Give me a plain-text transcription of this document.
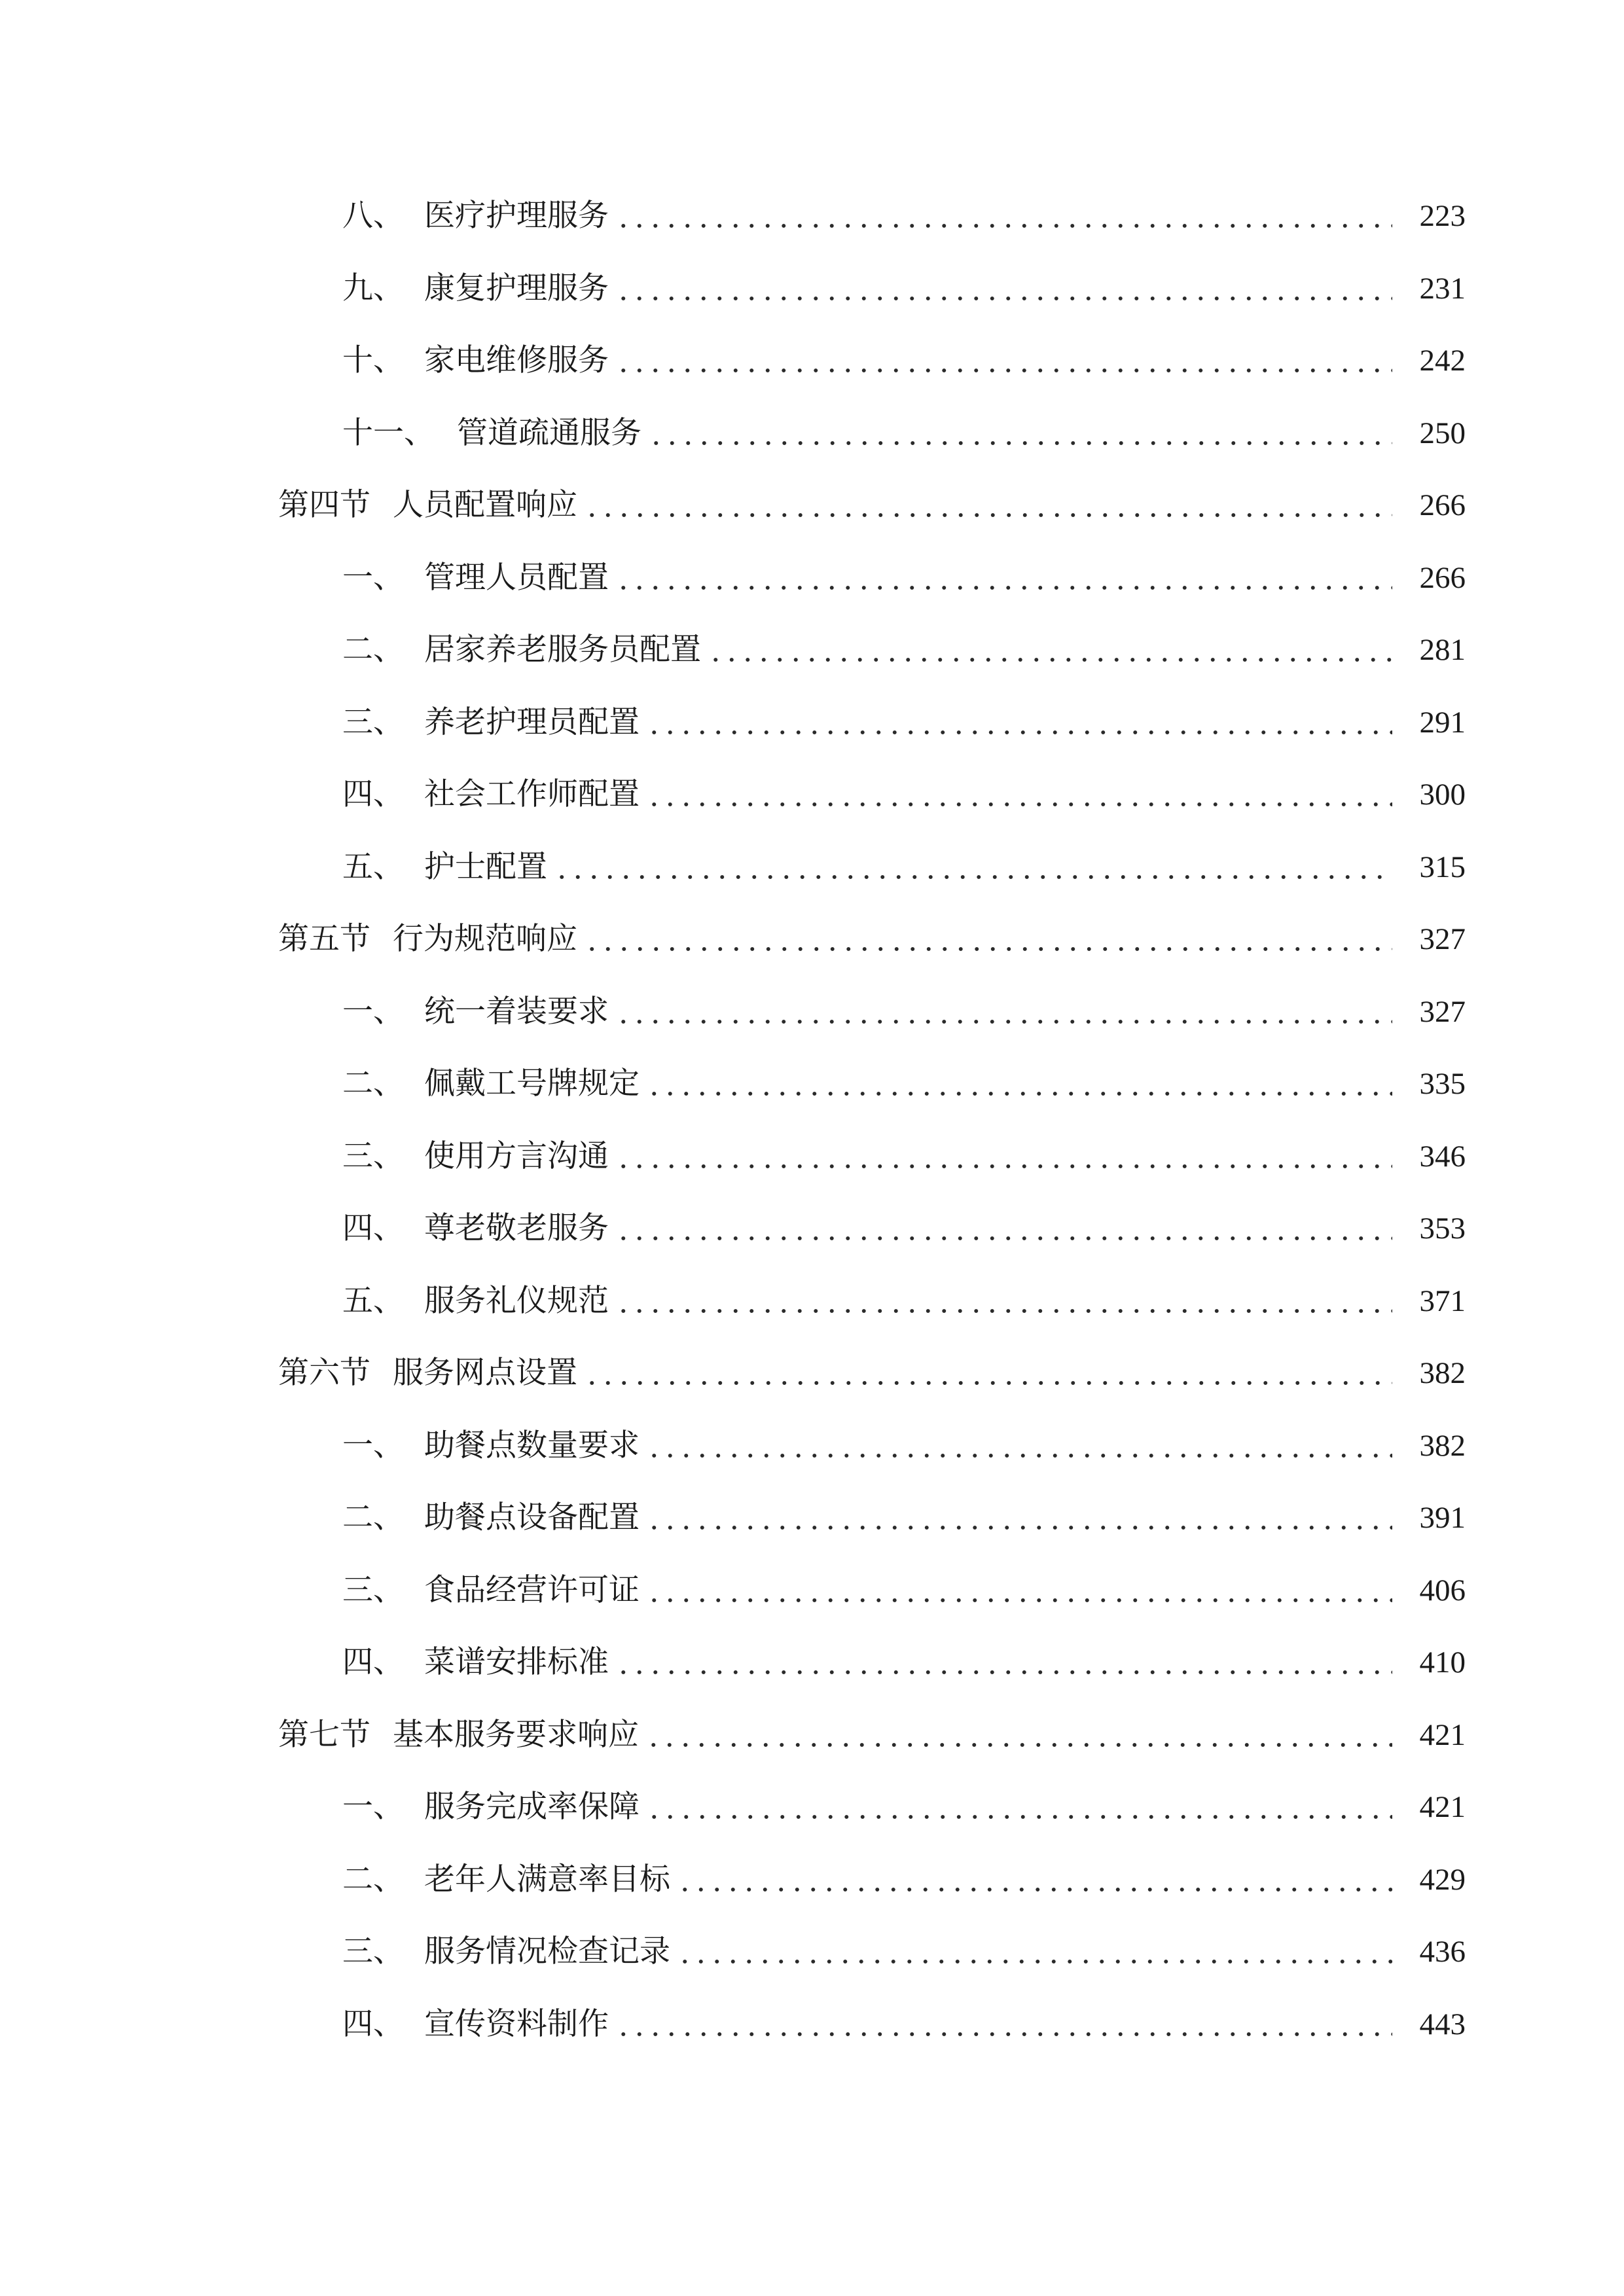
八、 医疗护理服务	223
九、 康复护理服务	231
十、 家电维修服务	242
十一、 管道疏通服务	250
第四节 人员配置响应	266
一、 管理人员配置	266
二、 居家养老服务员配置	281
三、 养老护理员配置	291
四、 社会工作师配置	300
五、 护士配置	315
第五节 行为规范响应	327
一、 统一着装要求	327
二、 佩戴工号牌规定	335
三、 使用方言沟通	346
四、 尊老敬老服务	353
五、 服务礼仪规范	371
第六节 服务网点设置	382
一、 助餐点数量要求	382
二、 助餐点设备配置	391
三、 食品经营许可证	406
四、 菜谱安排标准	410
第七节 基本服务要求响应	421
一、 服务完成率保障	421
二、 老年人满意率目标	429
三、 服务情况检查记录	436
四、 宣传资料制作	443
